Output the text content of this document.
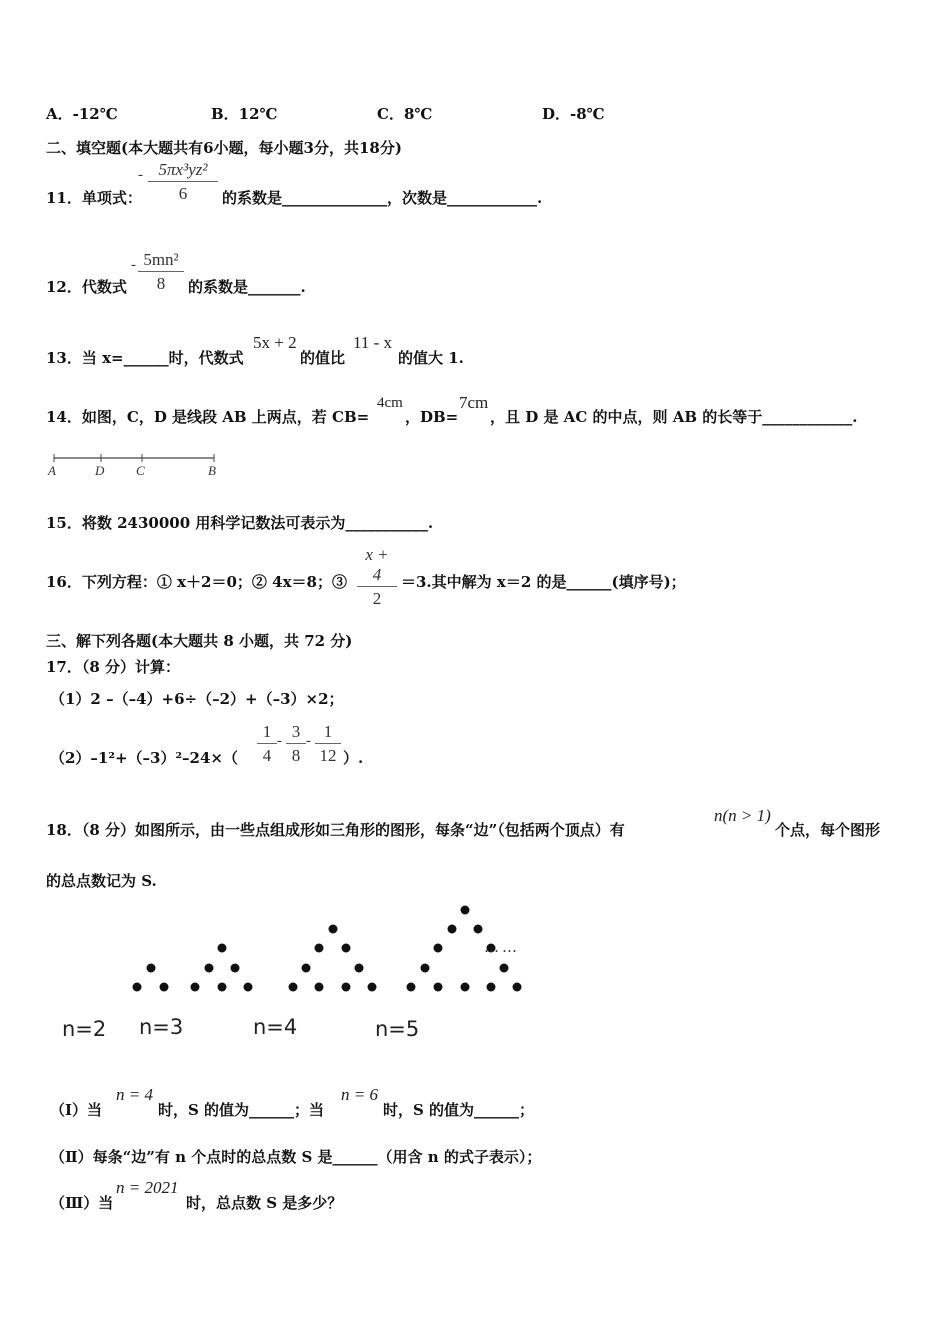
A．-12℃	B．12℃	C．8℃	D．-8℃
二、填空题(本大题共有6小题，每小题3分，共18分)
11．单项式：
- $\frac{\text{5πx³yz²}}{6}$ 的系数是______________，次数是____________.
12．代数式
- $\frac{\text{5mn²}}{8}$ 的系数是_______.
13．当 x=______时，代数式
5x + 2
的值比
11 - x
的值大 1.
14．如图，C，D 是线段 AB 上两点，若 CB=
4cm
，DB=
7cm
，且 D 是 AC 的中点，则 AB 的长等于____________.
A	D C	B
15．将数 2430000 用科学记数法可表示为___________.
16．下列方程：① x＋2＝0；② 4x＝8；③ $\frac{x + 4}{2} =3$.其中解为 x＝2 的是______(填序号)；
三、解下列各题(本大题共 8 小题，共 72 分)
17．（8 分）计算：
（1）2 –（–4）+6÷（–2）+（–3）×2；
$(2)-1^2+(-3)^2-24\times( \frac{1}{4} - \frac{3}{8} - \frac{1}{12}$ ）.
18．（8 分）如图所示，由一些点组成形如三角形的图形，每条“边”（包括两个顶点）有
n(n > 1)
个点，每个图形
的总点数记为 S.
……
n=2 n=3	n=4	n=5
（Ⅰ）当
n = 4
时，S 的值为______；当
n = 6
时，S 的值为______；
（Ⅱ）每条“边”有 n 个点时的总点数 S 是______（用含 n 的式子表示）；
（Ⅲ）当
n = 2021
时，总点数 S 是多少？
